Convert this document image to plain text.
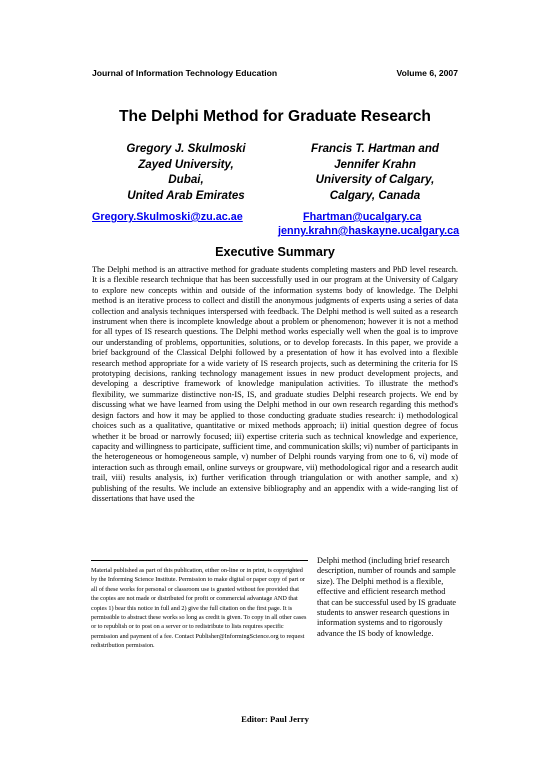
Journal of Information Technology Education	Volume 6, 2007
The Delphi Method for Graduate Research
Gregory J. Skulmoski
Zayed University,
Dubai,
United Arab Emirates
Francis T. Hartman and
Jennifer Krahn
University of Calgary,
Calgary, Canada
Gregory.Skulmoski@zu.ac.ae	Fhartman@ucalgary.ca
jenny.krahn@haskayne.ucalgary.ca
Executive Summary

The Delphi method is an attractive method for graduate students completing masters and PhD level research. It is a flexible research technique that has been successfully used in our program at the University of Calgary to explore new concepts within and outside of the information systems body of knowledge. The Delphi method is an iterative process to collect and distill the anonymous judgments of experts using a series of data collection and analysis techniques interspersed with feedback. The Delphi method is well suited as a research instrument when there is incomplete knowledge about a problem or phenomenon; however it is not a method for all types of IS research questions. The Delphi method works especially well when the goal is to improve our understanding of problems, opportunities, solutions, or to develop forecasts. In this paper, we provide a brief background of the Classical Delphi followed by a presentation of how it has evolved into a flexible research method appropriate for a wide variety of IS research projects, such as determining the criteria for IS prototyping decisions, ranking technology management issues in new product development projects, and developing a descriptive framework of knowledge manipulation activities. To illustrate the method's flexibility, we summarize distinctive non-IS, IS, and graduate studies Delphi research projects. We end by discussing what we have learned from using the Delphi method in our own research regarding this method's design factors and how it may be applied to those conducting graduate studies research: i) methodological choices such as a qualitative, quantitative or mixed methods approach; ii) initial question degree of focus whether it be broad or narrowly focused; iii) expertise criteria such as technical knowledge and experience, capacity and willingness to participate, sufficient time, and communication skills; vi) number of participants in the heterogeneous or homogeneous sample, v) number of Delphi rounds varying from one to 6, vi) mode of interaction such as through email, online surveys or groupware, vii) methodological rigor and a research audit trail, viii) results analysis, ix) further verification through triangulation or with another sample, and x) publishing of the results. We include an extensive bibliography and an appendix with a wide-ranging list of dissertations that have used the

Delphi method (including brief research description, number of rounds and sample size). The Delphi method is a flexible, effective and efficient research method that can be successful used by IS graduate students to answer research questions in information systems and to rigorously advance the IS body of knowledge.

Material published as part of this publication, either on-line or in print, is copyrighted by the Informing Science Institute. Permission to make digital or paper copy of part or all of these works for personal or classroom use is granted without fee provided that the copies are not made or distributed for profit or commercial advantage AND that copies 1) bear this notice in full and 2) give the full citation on the first page. It is permissible to abstract these works so long as credit is given. To copy in all other cases or to republish or to post on a server or to redistribute to lists requires specific permission and payment of a fee. Contact Publisher@InformingScience.org to request redistribution permission.
Editor: Paul Jerry
